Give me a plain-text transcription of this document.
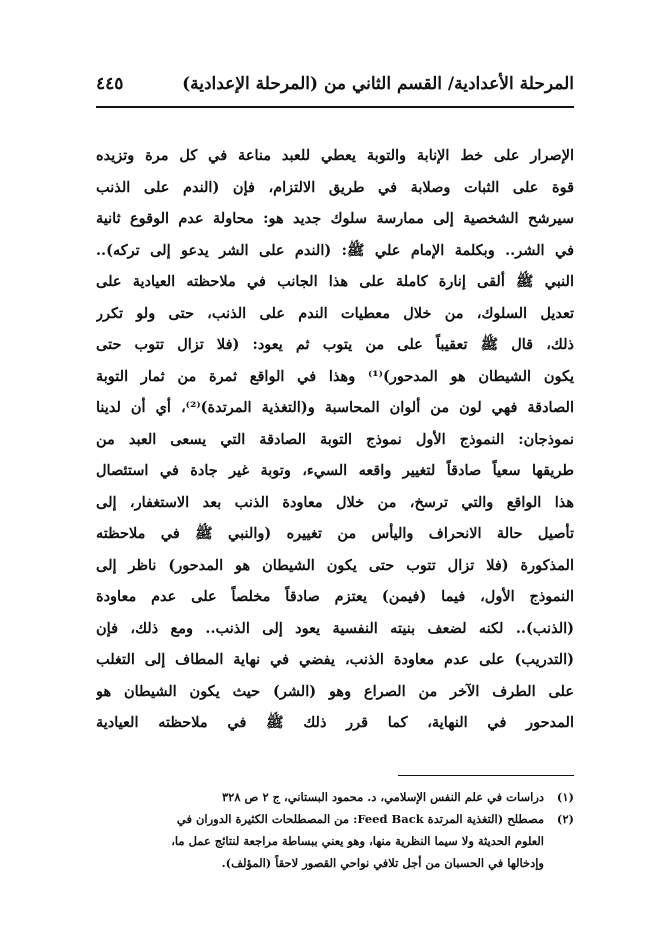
المرحلة الأعدادية/ القسم الثاني من (المرحلة الإعدادية)
٤٤٥
الإصرار على خط الإنابة والتوبة يعطي للعبد مناعة في كل مرة وتزيده
قوة على الثبات وصلابة في طريق الالتزام، فإن (الندم على الذنب
سيرشح الشخصية إلى ممارسة سلوك جديد هو: محاولة عدم الوقوع ثانية
في الشر.. وبكلمة الإمام علي ﷺ: (الندم على الشر يدعو إلى تركه)..
النبي ﷺ ألقى إنارة كاملة على هذا الجانب في ملاحظته العيادية على
تعديل السلوك، من خلال معطيات الندم على الذنب، حتى ولو تكرر
ذلك، قال ﷺ تعقيباً على من يتوب ثم يعود: (فلا تزال تتوب حتى
يكون الشيطان هو المدحور)⁽¹⁾ وهذا في الواقع ثمرة من ثمار التوبة
الصادقة فهي لون من ألوان المحاسبة و(التغذية المرتدة)⁽²⁾، أي أن لدينا
نموذجان: النموذج الأول نموذج التوبة الصادقة التي يسعى العبد من
طريقها سعياً صادقاً لتغيير واقعه السيء، وتوبة غير جادة في استئصال
هذا الواقع والتي ترسخ، من خلال معاودة الذنب بعد الاستغفار، إلى
تأصيل حالة الانحراف واليأس من تغييره (والنبي ﷺ في ملاحظته
المذكورة (فلا تزال تتوب حتى يكون الشيطان هو المدحور) ناظر إلى
النموذج الأول، فيما (فيمن) يعتزم صادقاً مخلصاً على عدم معاودة
(الذنب).. لكنه لضعف بنيته النفسية يعود إلى الذنب.. ومع ذلك، فإن
(التدريب) على عدم معاودة الذنب، يفضي في نهاية المطاف إلى التغلب
على الطرف الآخر من الصراع وهو (الشر) حيث يكون الشيطان هو
المدحور في النهاية، كما قرر ذلك ﷺ في ملاحظته العيادية
(١)دراسات في علم النفس الإسلامي، د. محمود البستاني، ج ٢ ص ٣٢٨
(٢)مصطلح (التغذية المرتدة Feed Back: من المصطلحات الكثيرة الدوران في
العلوم الحديثة ولا سيما النظرية منها، وهو يعني ببساطة مراجعة لنتائج عمل ما،
وإدخالها في الحسبان من أجل تلافي نواحي القصور لاحقاً (المؤلف).
